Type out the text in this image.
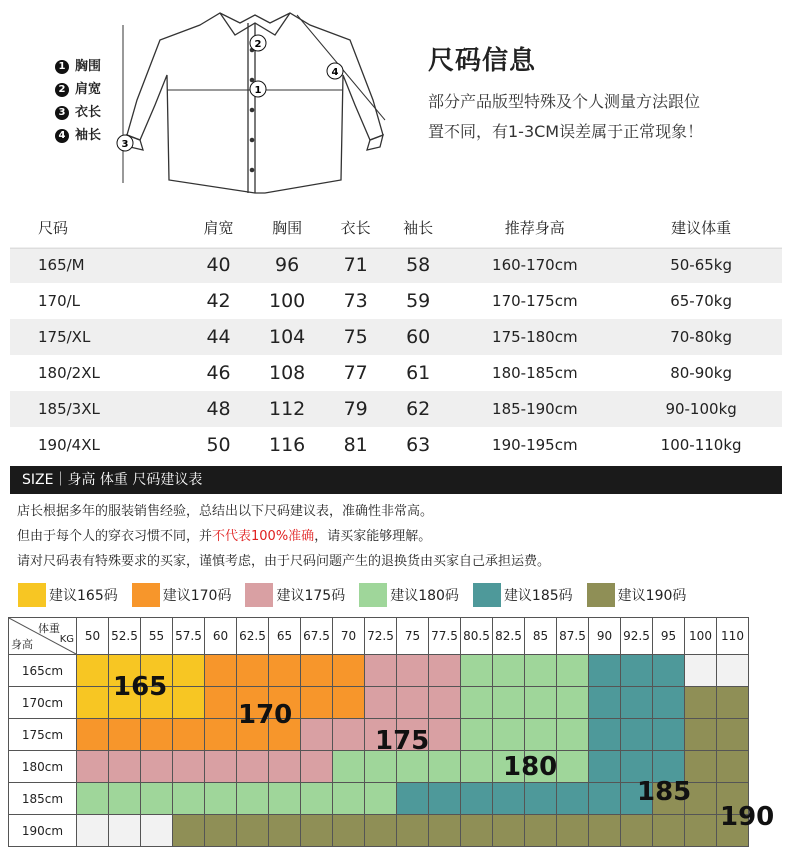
1 胸围
2 肩宽
3 衣长
4 袖长
2
1
3
4	尺码信息
部分产品版型特殊及个人测量方法跟位
置不同，有1-3CM误差属于正常现象！
尺码	肩宽	胸围	衣长	袖长	推荐身高	建议体重
165/M	40	96	71	58	160-170cm	50-65kg
170/L	42	100	73	59	170-175cm	65-70kg
175/XL	44	104	75	60	175-180cm	70-80kg
180/2XL	46	108	77	61	180-185cm	80-90kg
185/3XL	48	112	79	62	185-190cm	90-100kg
190/4XL	50	116	81	63	190-195cm	100-110kg
SIZE｜身高 体重 尺码建议表
店长根据多年的服装销售经验，总结出以下尺码建议表，准确性非常高。
但由于每个人的穿衣习惯不同，并不代表100%准确，请买家能够理解。
请对尺码表有特殊要求的买家，谨慎考虑，由于尺码问题产生的退换货由买家自己承担运费。
建议165码	建议170码	建议175码	建议180码	建议185码	建议190码
体重
KG
身高	50	52.5	55	57.5	60	62.5	65	67.5	70	72.5	75	77.5	80.5	82.5	85	87.5	90	92.5	95	100	110
165cm																					
170cm																					
175cm																					
180cm																					
185cm																					
190cm																					
165
170
175
180
185
190
